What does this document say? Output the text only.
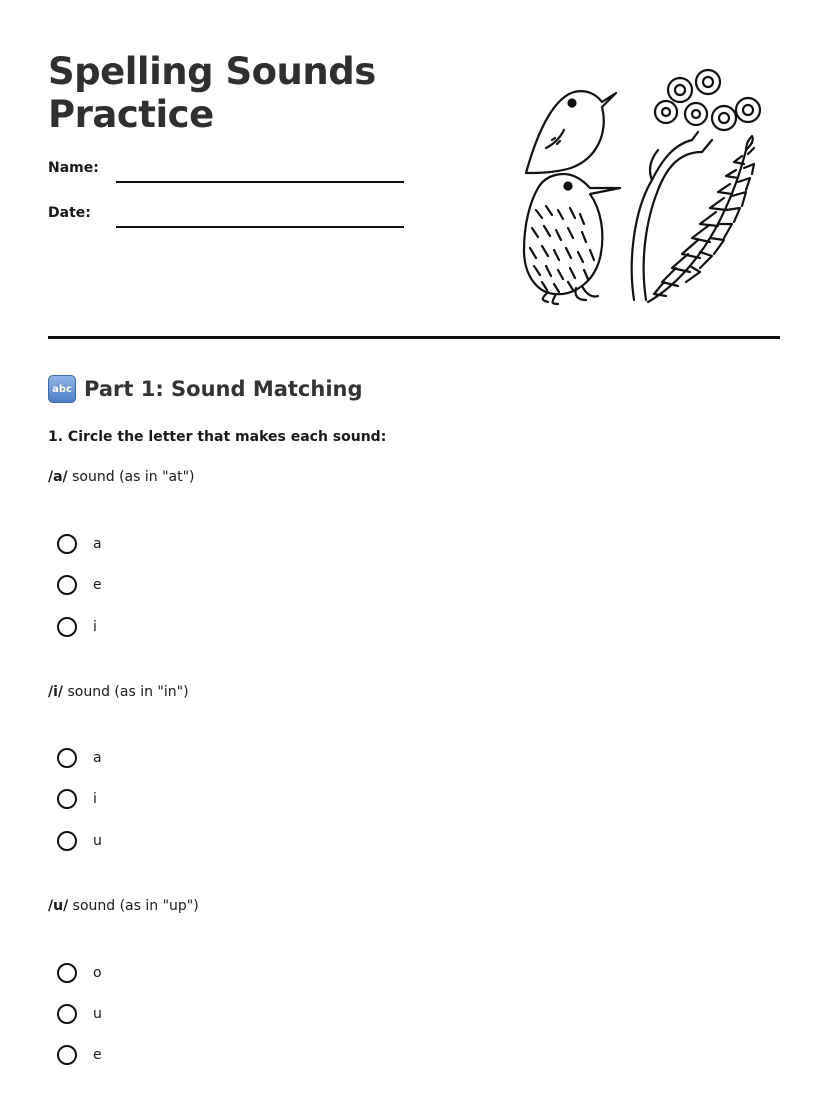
Spelling Sounds
Practice
Name:
Date:
abc Part 1: Sound Matching

1. Circle the letter that makes each sound:

/a/ sound (as in "at")
a
e
i
/i/ sound (as in "in")
a
i
u
/u/ sound (as in "up")
o
u
e
